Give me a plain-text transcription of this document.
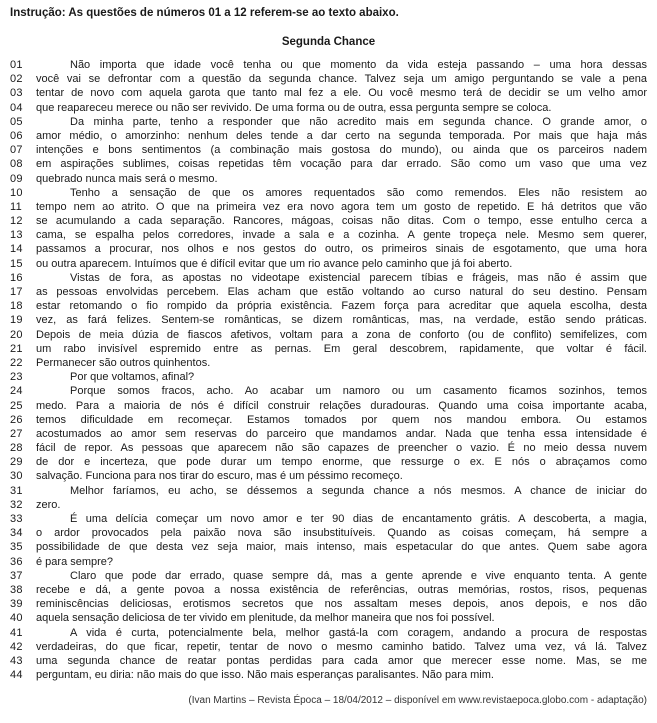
Instrução: As questões de números 01 a 12 referem-se ao texto abaixo.
Segunda Chance
01	Não importa que idade você tenha ou que momento da vida esteja passando – uma hora dessas
02	você vai se defrontar com a questão da segunda chance. Talvez seja um amigo perguntando se vale a pena
03	tentar de novo com aquela garota que tanto mal fez a ele. Ou você mesmo terá de decidir se um velho amor
04	que reapareceu merece ou não ser revivido. De uma forma ou de outra, essa pergunta sempre se coloca.
05	Da minha parte, tenho a responder que não acredito mais em segunda chance. O grande amor, o
06	amor médio, o amorzinho: nenhum deles tende a dar certo na segunda temporada. Por mais que haja más
07	intenções e bons sentimentos (a combinação mais gostosa do mundo), ou ainda que os parceiros nadem
08	em aspirações sublimes, coisas repetidas têm vocação para dar errado. São como um vaso que uma vez
09	quebrado nunca mais será o mesmo.
10	Tenho a sensação de que os amores requentados são como remendos. Eles não resistem ao
11	tempo nem ao atrito. O que na primeira vez era novo agora tem um gosto de repetido. E há detritos que vão
12	se acumulando a cada separação. Rancores, mágoas, coisas não ditas. Com o tempo, esse entulho cerca a
13	cama, se espalha pelos corredores, invade a sala e a cozinha. A gente tropeça nele. Mesmo sem querer,
14	passamos a procurar, nos olhos e nos gestos do outro, os primeiros sinais de esgotamento, que uma hora
15	ou outra aparecem. Intuímos que é difícil evitar que um rio avance pelo caminho que já foi aberto.
16	Vistas de fora, as apostas no videotape existencial parecem tíbias e frágeis, mas não é assim que
17	as pessoas envolvidas percebem. Elas acham que estão voltando ao curso natural do seu destino. Pensam
18	estar retomando o fio rompido da própria existência. Fazem força para acreditar que aquela escolha, desta
19	vez, as fará felizes. Sentem-se românticas, se dizem românticas, mas, na verdade, estão sendo práticas.
20	Depois de meia dúzia de fiascos afetivos, voltam para a zona de conforto (ou de conflito) semifelizes, com
21	um rabo invisível espremido entre as pernas. Em geral descobrem, rapidamente, que voltar é fácil.
22	Permanecer são outros quinhentos.
23	Por que voltamos, afinal?
24	Porque somos fracos, acho. Ao acabar um namoro ou um casamento ficamos sozinhos, temos
25	medo. Para a maioria de nós é difícil construir relações duradouras. Quando uma coisa importante acaba,
26	temos dificuldade em recomeçar. Estamos tomados por quem nos mandou embora. Ou estamos
27	acostumados ao amor sem reservas do parceiro que mandamos andar. Nada que tenha essa intensidade é
28	fácil de repor. As pessoas que aparecem não são capazes de preencher o vazio. É no meio dessa nuvem
29	de dor e incerteza, que pode durar um tempo enorme, que ressurge o ex. E nós o abraçamos como
30	salvação. Funciona para nos tirar do escuro, mas é um péssimo recomeço.
31	Melhor faríamos, eu acho, se déssemos a segunda chance a nós mesmos. A chance de iniciar do
32	zero.
33	É uma delícia começar um novo amor e ter 90 dias de encantamento grátis. A descoberta, a magia,
34	o ardor provocados pela paixão nova são insubstituíveis. Quando as coisas começam, há sempre a
35	possibilidade de que desta vez seja maior, mais intenso, mais espetacular do que antes. Quem sabe agora
36	é para sempre?
37	Claro que pode dar errado, quase sempre dá, mas a gente aprende e vive enquanto tenta. A gente
38	recebe e dá, a gente povoa a nossa existência de referências, outras memórias, rostos, risos, pequenas
39	reminiscências deliciosas, erotismos secretos que nos assaltam meses depois, anos depois, e nos dão
40	aquela sensação deliciosa de ter vivido em plenitude, da melhor maneira que nos foi possível.
41	A vida é curta, potencialmente bela, melhor gastá-la com coragem, andando a procura de respostas
42	verdadeiras, do que ficar, repetir, tentar de novo o mesmo caminho batido. Talvez uma vez, vá lá. Talvez
43	uma segunda chance de reatar pontas perdidas para cada amor que merecer esse nome. Mas, se me
44	perguntam, eu diria: não mais do que isso. Não mais esperanças paralisantes. Não para mim.
(Ivan Martins – Revista Época – 18/04/2012 – disponível em www.revistaepoca.globo.com - adaptação)
